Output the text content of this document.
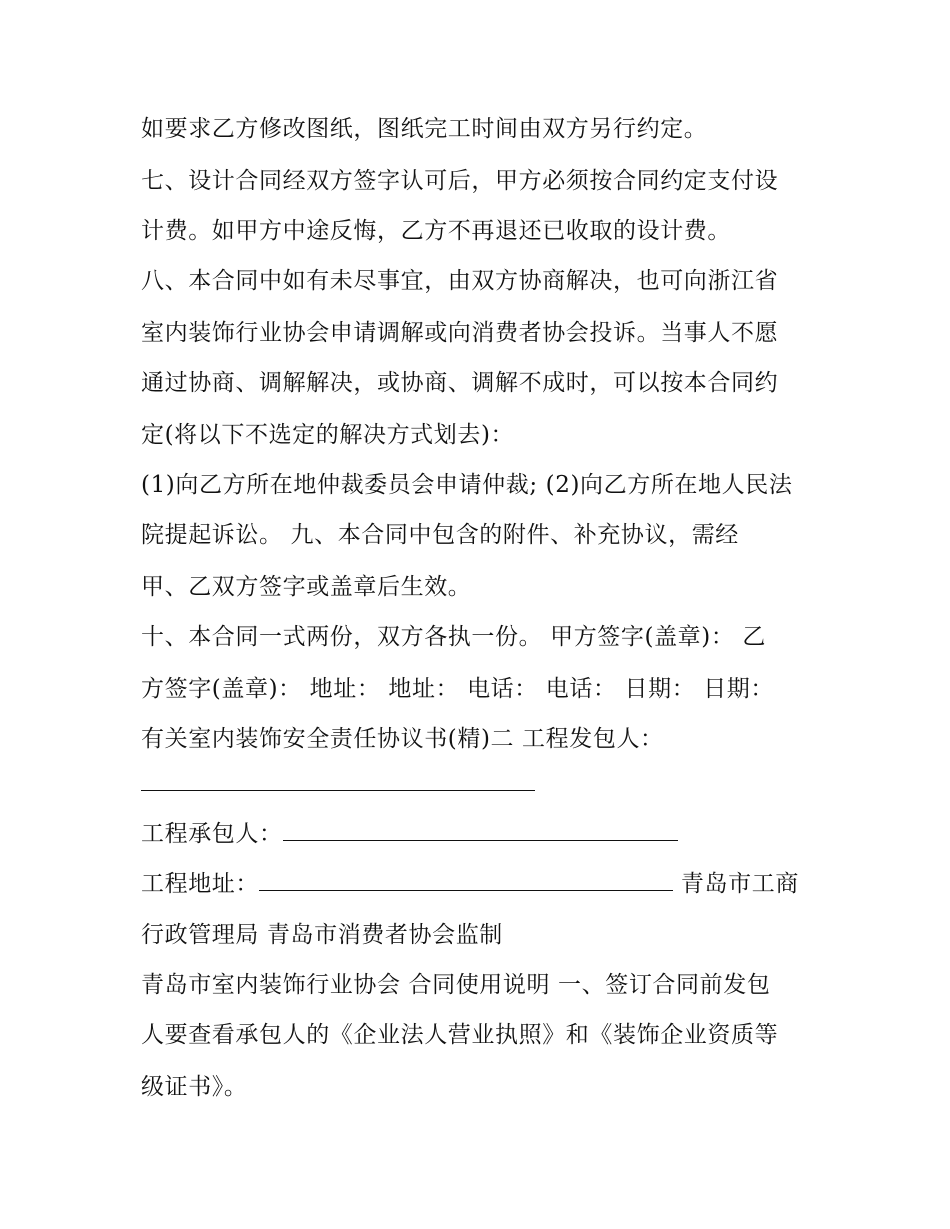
如要求乙方修改图纸，图纸完工时间由双方另行约定。
七、设计合同经双方签字认可后，甲方必须按合同约定支付设
计费。如甲方中途反悔，乙方不再退还已收取的设计费。
八、本合同中如有未尽事宜，由双方协商解决，也可向浙江省
室内装饰行业协会申请调解或向消费者协会投诉。当事人不愿
通过协商、调解解决，或协商、调解不成时，可以按本合同约
定(将以下不选定的解决方式划去)：
(1)向乙方所在地仲裁委员会申请仲裁; (2)向乙方所在地人民法
院提起诉讼。 九、本合同中包含的附件、补充协议，需经
甲、乙双方签字或盖章后生效。
十、本合同一式两份，双方各执一份。 甲方签字(盖章)： 乙
方签字(盖章)： 地址： 地址： 电话： 电话： 日期： 日期：
有关室内装饰安全责任协议书(精)二 工程发包人：
工程承包人：
工程地址：	青岛市工商
行政管理局 青岛市消费者协会监制
青岛市室内装饰行业协会 合同使用说明 一、签订合同前发包
人要查看承包人的《企业法人营业执照》和《装饰企业资质等
级证书》。
